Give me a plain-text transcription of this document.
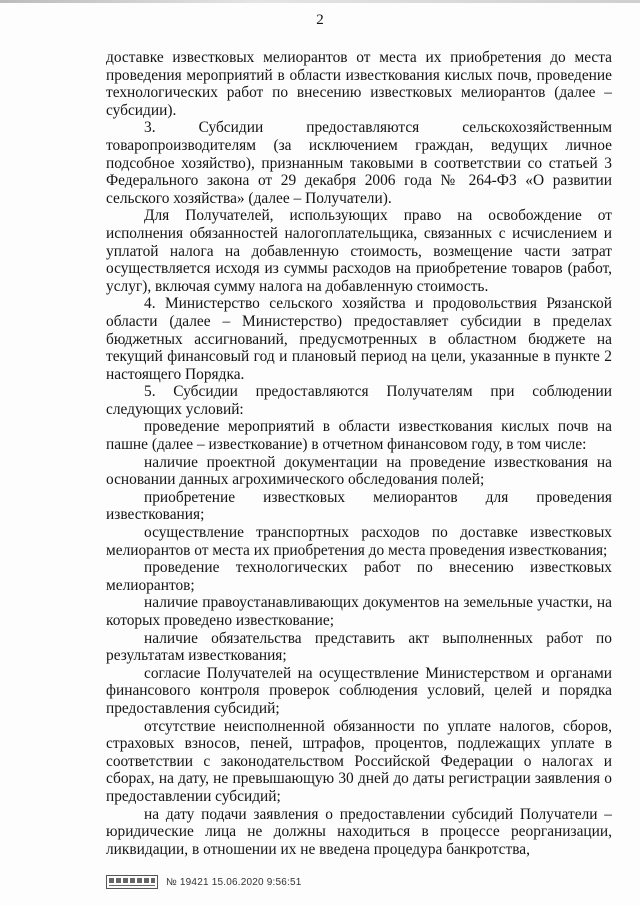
2

доставке известковых мелиорантов от места их приобретения до места проведения мероприятий в области известкования кислых почв, проведение технологических работ по внесению известковых мелиорантов (далее – субсидии).

3. Субсидии предоставляются сельскохозяйственным товаропроизводителям (за исключением граждан, ведущих личное подсобное хозяйство), признанным таковыми в соответствии со статьей 3 Федерального закона от 29 декабря 2006 года № 264-ФЗ «О развитии сельского хозяйства» (далее – Получатели).

Для Получателей, использующих право на освобождение от исполнения обязанностей налогоплательщика, связанных с исчислением и уплатой налога на добавленную стоимость, возмещение части затрат осуществляется исходя из суммы расходов на приобретение товаров (работ, услуг), включая сумму налога на добавленную стоимость.

4. Министерство сельского хозяйства и продовольствия Рязанской области (далее – Министерство) предоставляет субсидии в пределах бюджетных ассигнований, предусмотренных в областном бюджете на текущий финансовый год и плановый период на цели, указанные в пункте 2 настоящего Порядка.

5. Субсидии предоставляются Получателям при соблюдении следующих условий:

проведение мероприятий в области известкования кислых почв на пашне (далее – известкование) в отчетном финансовом году, в том числе:

наличие проектной документации на проведение известкования на основании данных агрохимического обследования полей;

приобретение известковых мелиорантов для проведения известкования;

осуществление транспортных расходов по доставке известковых мелиорантов от места их приобретения до места проведения известкования;

проведение технологических работ по внесению известковых мелиорантов;

наличие правоустанавливающих документов на земельные участки, на которых проведено известкование;

наличие обязательства представить акт выполненных работ по результатам известкования;

согласие Получателей на осуществление Министерством и органами финансового контроля проверок соблюдения условий, целей и порядка предоставления субсидий;

отсутствие неисполненной обязанности по уплате налогов, сборов, страховых взносов, пеней, штрафов, процентов, подлежащих уплате в соответствии с законодательством Российской Федерации о налогах и сборах, на дату, не превышающую 30 дней до даты регистрации заявления о предоставлении субсидий;

на дату подачи заявления о предоставлении субсидий Получатели – юридические лица не должны находиться в процессе реорганизации, ликвидации, в отношении их не введена процедура банкротства,

№ 19421 15.06.2020 9:56:51
